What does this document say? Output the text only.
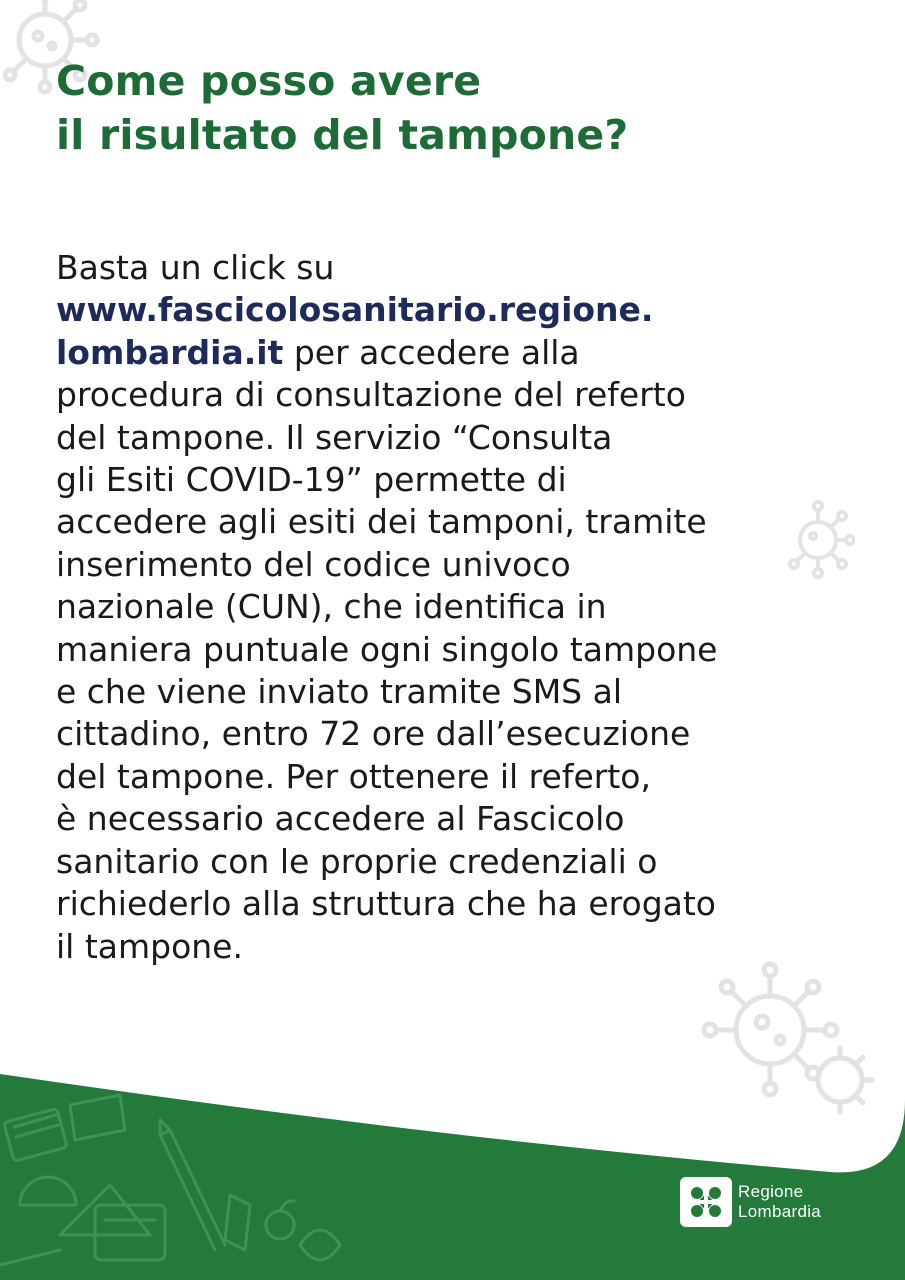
Come posso avere
il risultato del tampone?

Basta un click su
www.fascicolosanitario.regione.
lombardia.it per accedere alla
procedura di consultazione del referto
del tampone. Il servizio “Consulta
gli Esiti COVID-19” permette di
accedere agli esiti dei tamponi, tramite
inserimento del codice univoco
nazionale (CUN), che identifica in
maniera puntuale ogni singolo tampone
e che viene inviato tramite SMS al
cittadino, entro 72 ore dall’esecuzione
del tampone. Per ottenere il referto,
è necessario accedere al Fascicolo
sanitario con le proprie credenziali o
richiederlo alla struttura che ha erogato
il tampone.

Regione
Lombardia
